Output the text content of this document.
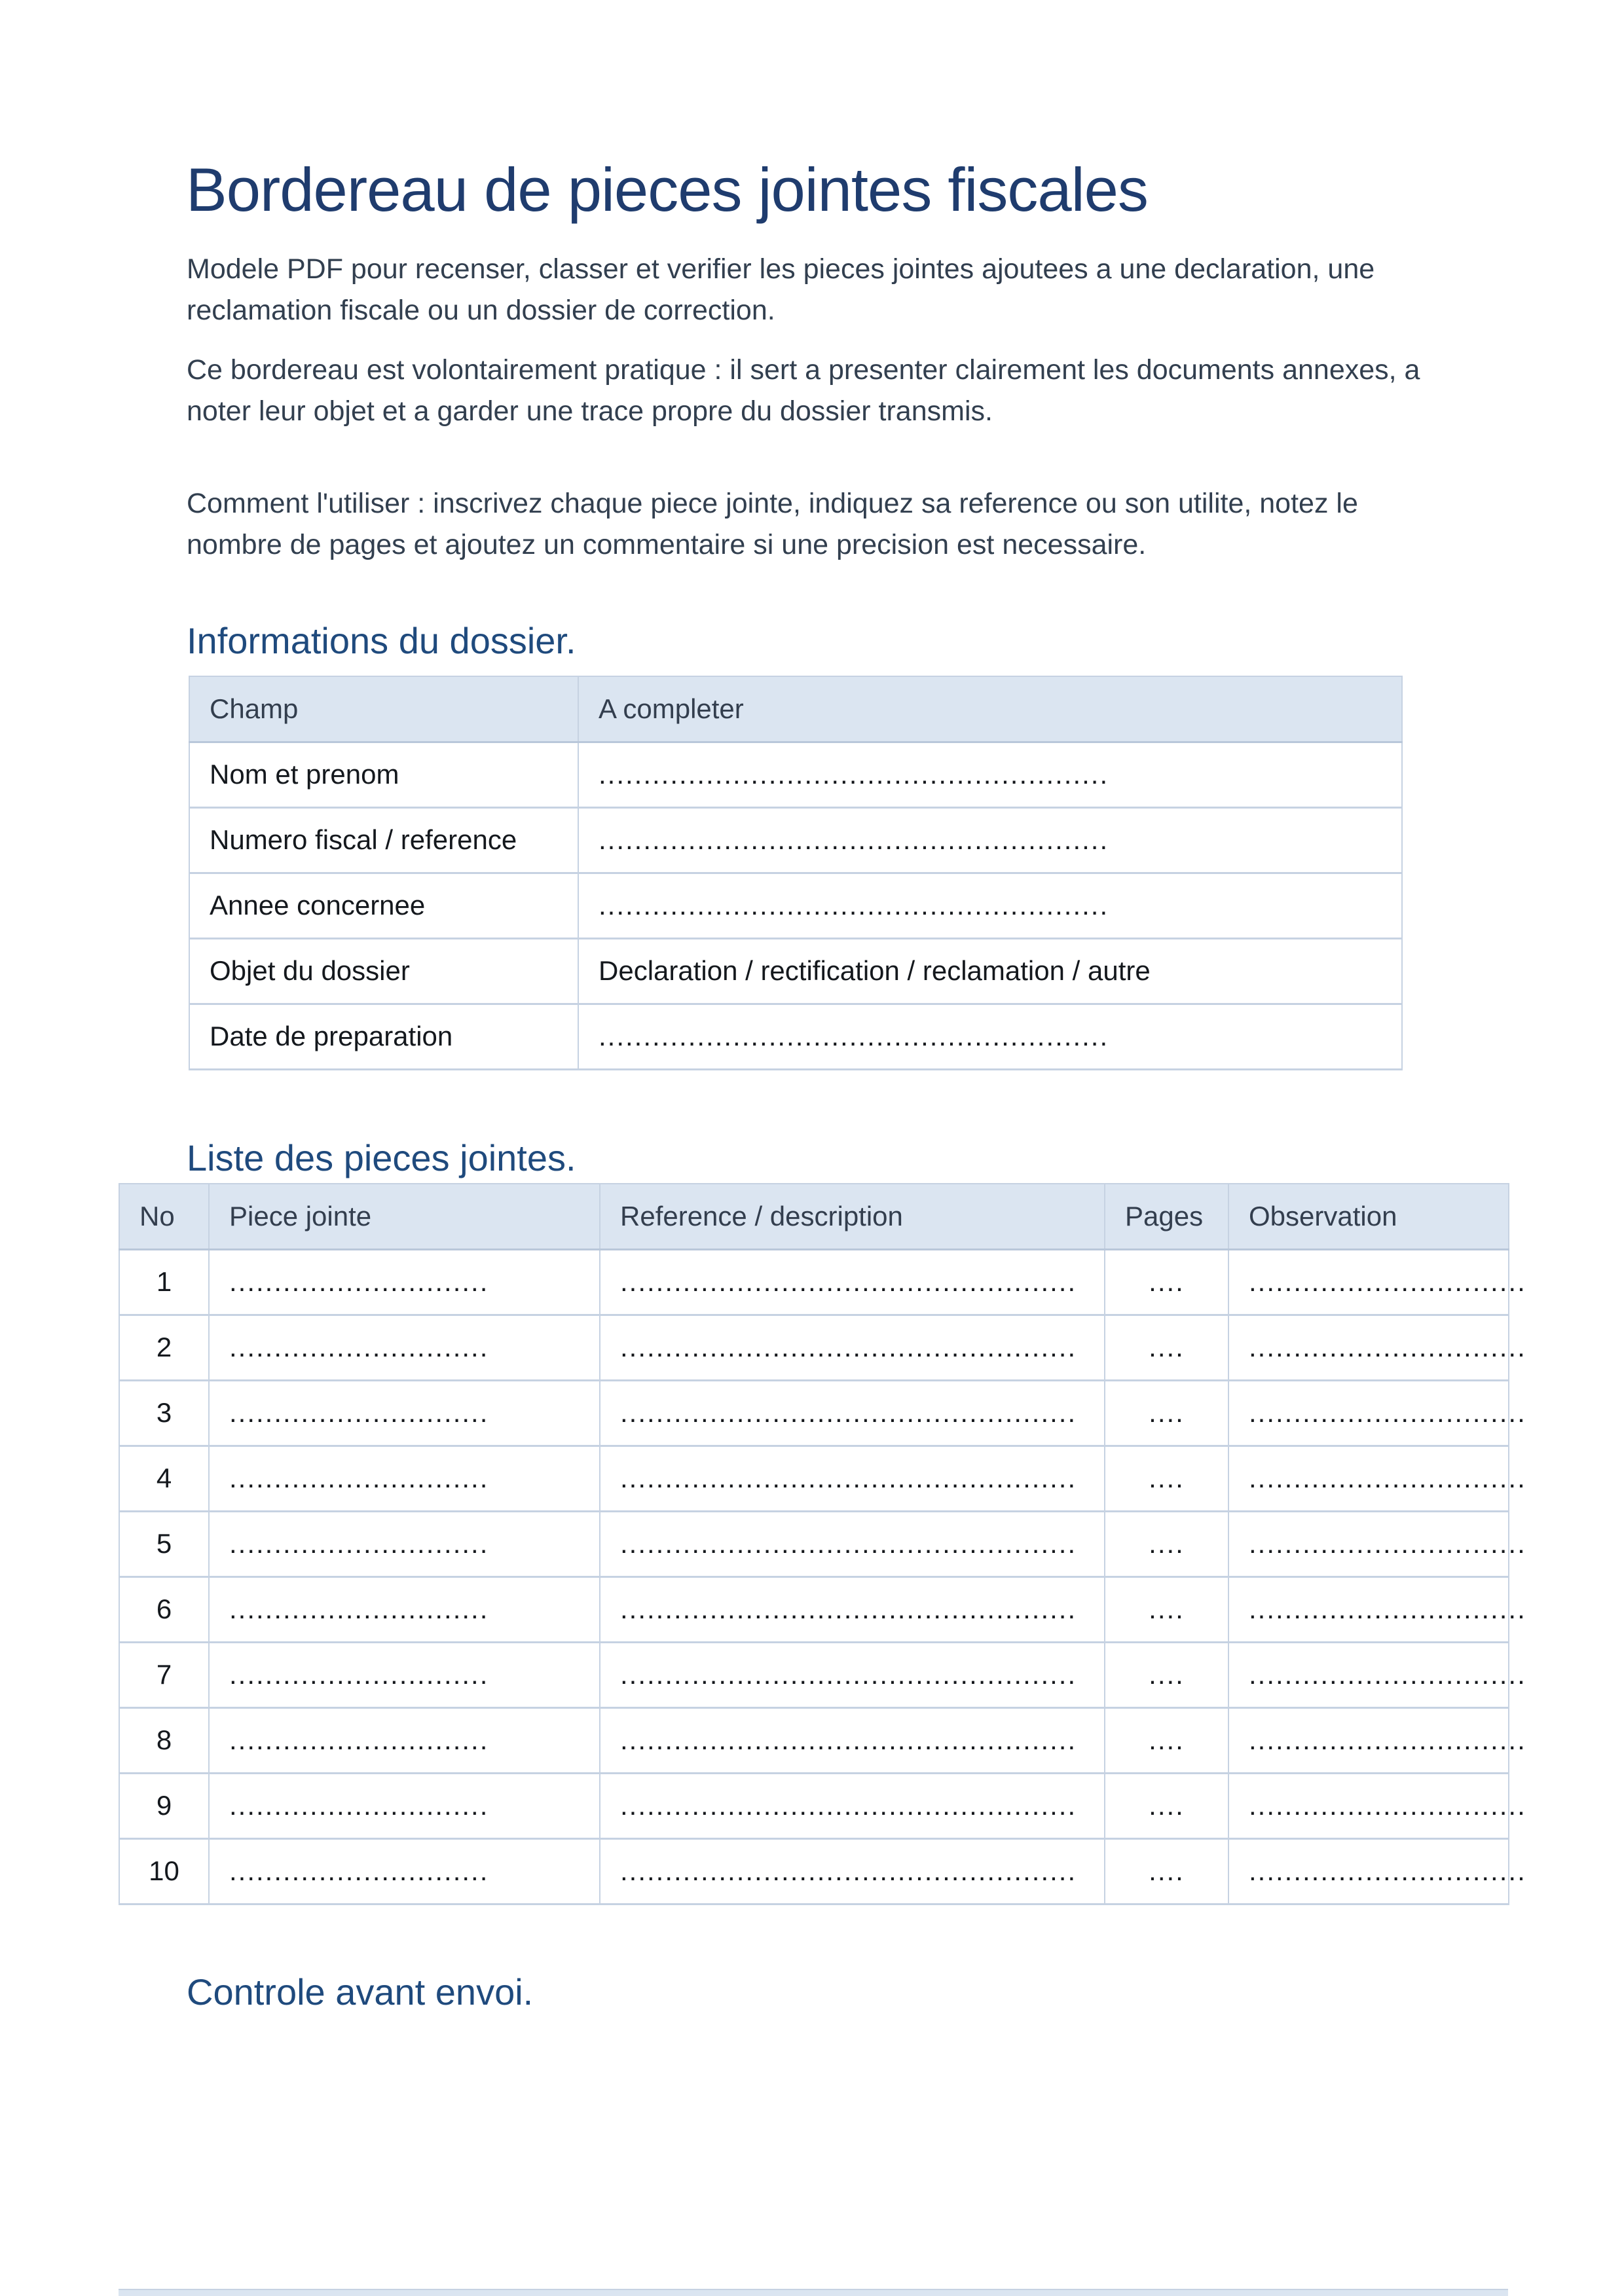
Bordereau de pieces jointes fiscales

Modele PDF pour recenser, classer et verifier les pieces jointes ajoutees a une declaration, une reclamation fiscale ou un dossier de correction.

Ce bordereau est volontairement pratique : il sert a presenter clairement les documents annexes, a noter leur objet et a garder une trace propre du dossier transmis.

Comment l'utiliser : inscrivez chaque piece jointe, indiquez sa reference ou son utilite, notez le nombre de pages et ajoutez un commentaire si une precision est necessaire.

Informations du dossier.
Champ	A completer
Nom et prenom	.........................................................
Numero fiscal / reference	.........................................................
Annee concernee	.........................................................
Objet du dossier	Declaration / rectification / reclamation / autre
Date de preparation	.........................................................
Liste des pieces jointes.
No	Piece jointe	Reference / description	Pages	Observation
1	.............................	...................................................	....	...............................
2	.............................	...................................................	....	...............................
3	.............................	...................................................	....	...............................
4	.............................	...................................................	....	...............................
5	.............................	...................................................	....	...............................
6	.............................	...................................................	....	...............................
7	.............................	...................................................	....	...............................
8	.............................	...................................................	....	...............................
9	.............................	...................................................	....	...............................
10	.............................	...................................................	....	...............................
Controle avant envoi.
